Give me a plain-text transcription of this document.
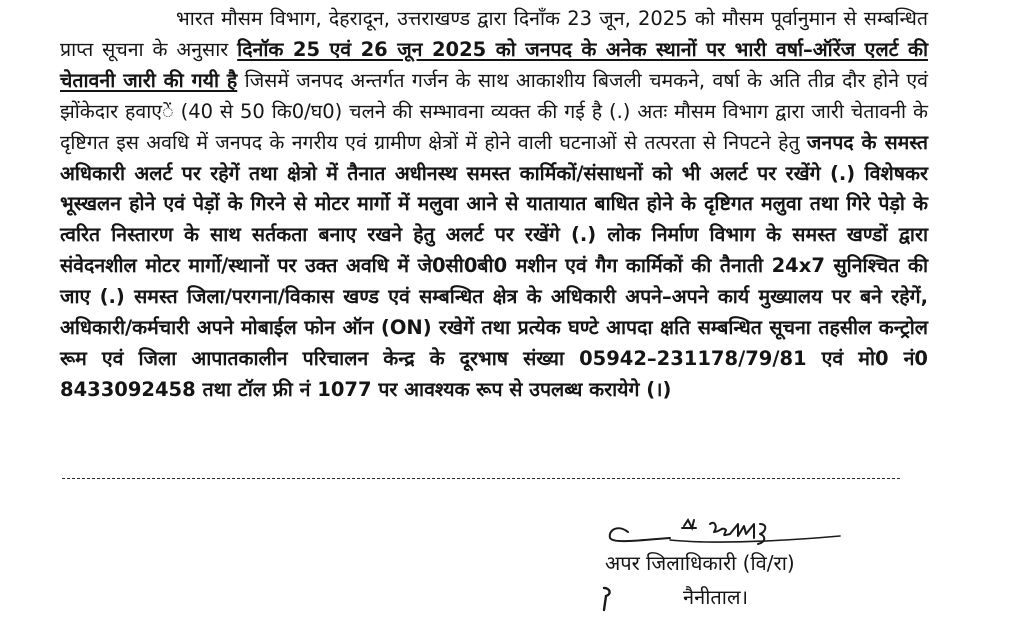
भारत मौसम विभाग, देहरादून, उत्तराखण्ड द्वारा दिनाँक 23 जून, 2025 को मौसम पूर्वानुमान से सम्बन्धित प्राप्त सूचना के अनुसार दिनॉक 25 एवं 26 जून 2025 को जनपद के अनेक स्थानों पर भारी वर्षा–ऑरेंज एलर्ट की चेतावनी जारी की गयी है जिसमें जनपद अन्तर्गत गर्जन के साथ आकाशीय बिजली चमकने, वर्षा के अति तीव्र दौर होने एवं झोंकेदार हवाएें (40 से 50 कि0/घ0) चलने की सम्भावना व्यक्त की गई है (.) अतः मौसम विभाग द्वारा जारी चेतावनी के दृष्टिगत इस अवधि में जनपद के नगरीय एवं ग्रामीण क्षेत्रों में होने वाली घटनाओं से तत्परता से निपटने हेतु जनपद के समस्त अधिकारी अलर्ट पर रहेगें तथा क्षेत्रो में तैनात अधीनस्थ समस्त कार्मिकों/संसाधनों को भी अलर्ट पर रखेंगे (.) विशेषकर भूस्खलन होने एवं पेड़ों के गिरने से मोटर मार्गो में मलुवा आने से यातायात बाधित होने के दृष्टिगत मलुवा तथा गिरे पेड़ो के त्वरित निस्तारण के साथ सर्तकता बनाए रखने हेतु अलर्ट पर रखेंगे (.) लोक निर्माण विभाग के समस्त खण्डों द्वारा संवेदनशील मोटर मार्गो/स्थानों पर उक्त अवधि में जे0सी0बी0 मशीन एवं गैग कार्मिकों की तैनाती 24x7 सुनिश्चित की जाए (.) समस्त जिला/परगना/विकास खण्ड एवं सम्बन्धित क्षेत्र के अधिकारी अपने–अपने कार्य मुख्यालय पर बने रहेगें, अधिकारी/कर्मचारी अपने मोबाईल फोन ऑन (ON) रखेगें तथा प्रत्येक घण्टे आपदा क्षति सम्बन्धित सूचना तहसील कन्ट्रोल रूम एवं जिला आपातकालीन परिचालन केन्द्र के दूरभाष संख्या 05942–231178/79/81 एवं मो0 नं0 8433092458 तथा टॉल फ्री नं 1077 पर आवश्यक रूप से उपलब्ध करायेगे (।)

अपर जिलाधिकारी (वि/रा)
नैनीताल।
